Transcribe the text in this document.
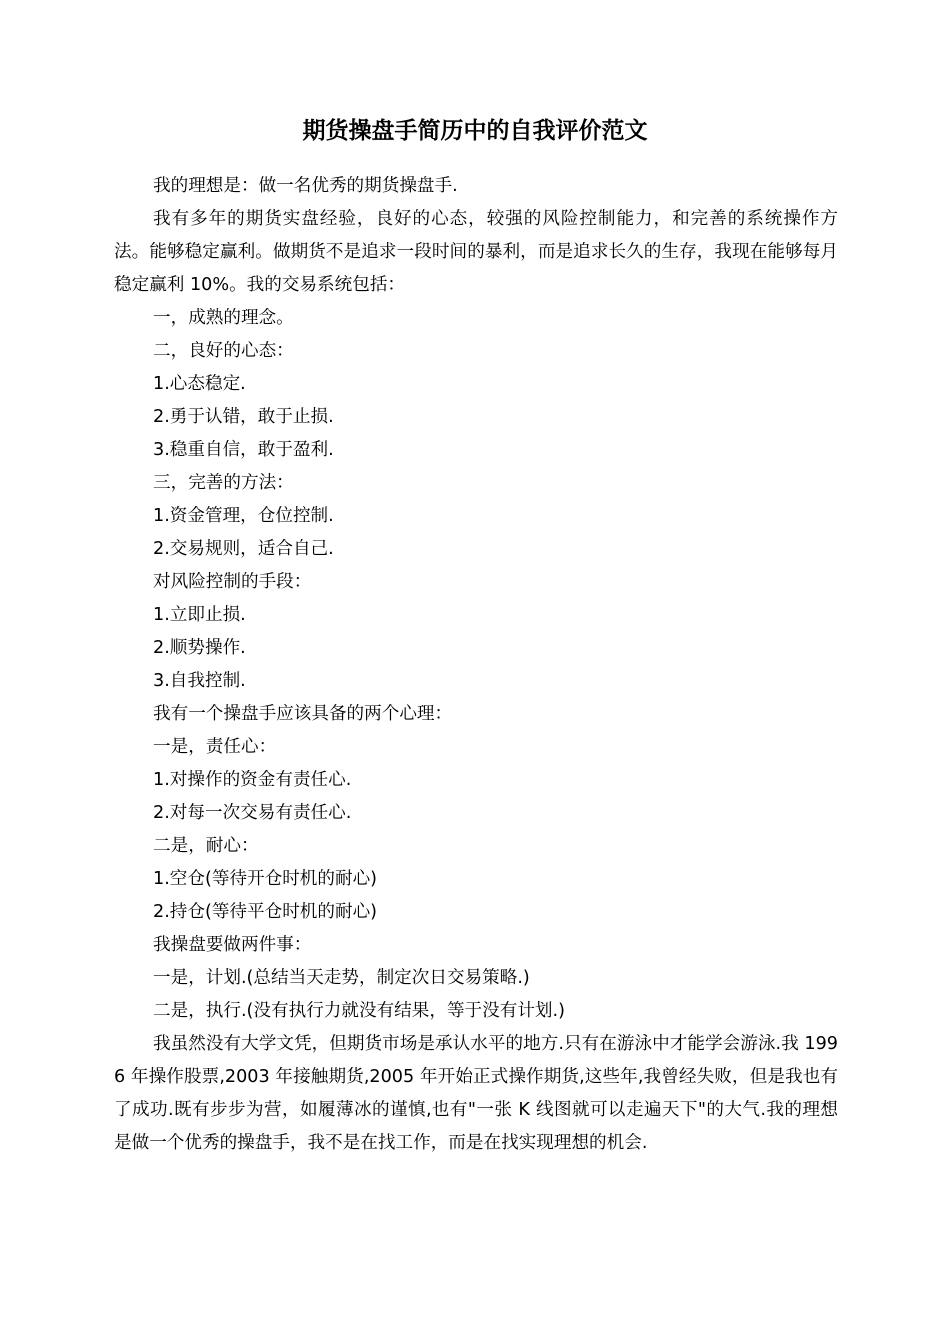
期货操盘手简历中的自我评价范文

我的理想是：做一名优秀的期货操盘手.

我有多年的期货实盘经验，良好的心态，较强的风险控制能力，和完善的系统操作方法。能够稳定赢利。做期货不是追求一段时间的暴利，而是追求长久的生存，我现在能够每月稳定赢利 10%。我的交易系统包括：

一，成熟的理念。

二，良好的心态：

1.心态稳定.

2.勇于认错，敢于止损.

3.稳重自信，敢于盈利.

三，完善的方法：

1.资金管理，仓位控制.

2.交易规则，适合自己.

对风险控制的手段：

1.立即止损.

2.顺势操作.

3.自我控制.

我有一个操盘手应该具备的两个心理：

一是，责任心：

1.对操作的资金有责任心.

2.对每一次交易有责任心.

二是，耐心：

1.空仓(等待开仓时机的耐心)

2.持仓(等待平仓时机的耐心)

我操盘要做两件事：

一是，计划.(总结当天走势，制定次日交易策略.)

二是，执行.(没有执行力就没有结果，等于没有计划.)

我虽然没有大学文凭，但期货市场是承认水平的地方.只有在游泳中才能学会游泳.我 1996 年操作股票,2003 年接触期货,2005 年开始正式操作期货,这些年,我曾经失败，但是我也有了成功.既有步步为营，如履薄冰的谨慎,也有"一张 K 线图就可以走遍天下"的大气.我的理想是做一个优秀的操盘手，我不是在找工作，而是在找实现理想的机会.
